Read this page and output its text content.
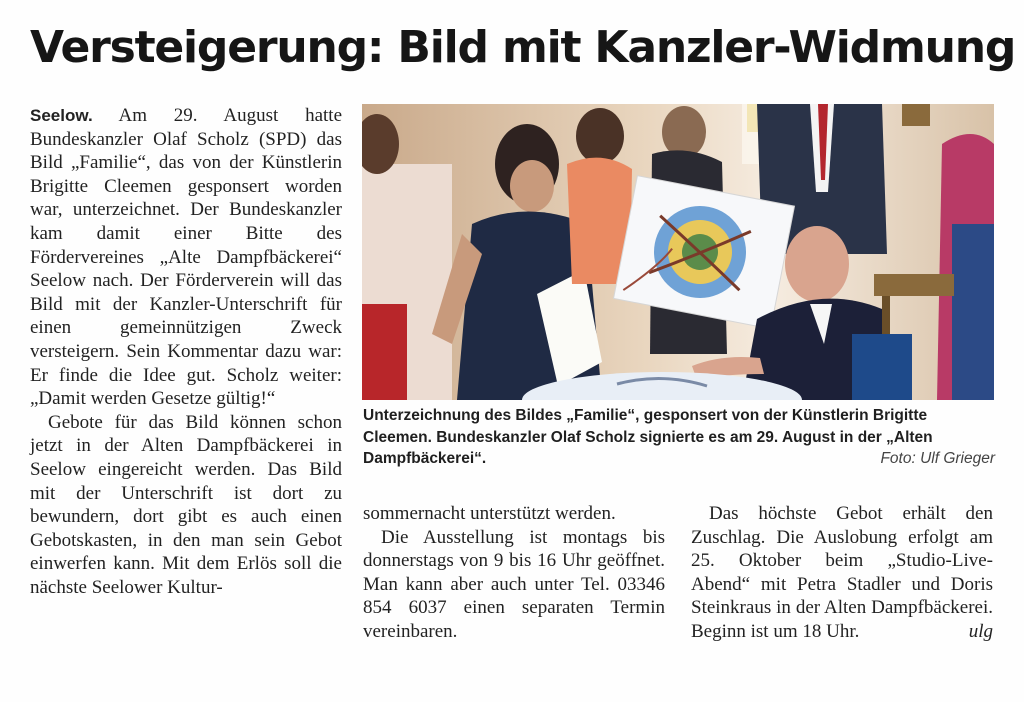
Versteigerung: Bild mit Kanzler-Widmung

Seelow. Am 29. August hatte Bundeskanzler Olaf Scholz (SPD) das Bild „Familie“, das von der Künstlerin Brigitte Cleemen gesponsert worden war, unterzeichnet. Der Bundeskanzler kam damit einer Bitte des Fördervereines „Alte Dampfbäckerei“ Seelow nach. Der Förderverein will das Bild mit der Kanzler-Unterschrift für einen gemeinnützigen Zweck versteigern. Sein Kommentar dazu war: Er finde die Idee gut. Scholz weiter: „Damit werden Gesetze gültig!“

Gebote für das Bild können schon jetzt in der Alten Dampfbäckerei in Seelow eingereicht werden. Das Bild mit der Unterschrift ist dort zu bewundern, dort gibt es auch einen Gebotskasten, in den man sein Gebot einwerfen kann. Mit dem Erlös soll die nächste Seelower Kultur-

Unterzeichnung des Bildes „Familie“, gesponsert von der Künstlerin Brigitte Cleemen. Bundeskanzler Olaf Scholz signierte es am 29. August in der „Alten Dampfbäckerei“.	Foto: Ulf Grieger

sommernacht unterstützt werden.

Die Ausstellung ist montags bis donnerstags von 9 bis 16 Uhr geöffnet. Man kann aber auch unter Tel. 03346 854 6037 einen separaten Termin vereinbaren.

Das höchste Gebot erhält den Zuschlag. Die Auslobung erfolgt am 25. Oktober beim „Studio-Live-Abend“ mit Petra Stadler und Doris Steinkraus in der Alten Dampfbäckerei. Beginn ist um 18 Uhr.	ulg
